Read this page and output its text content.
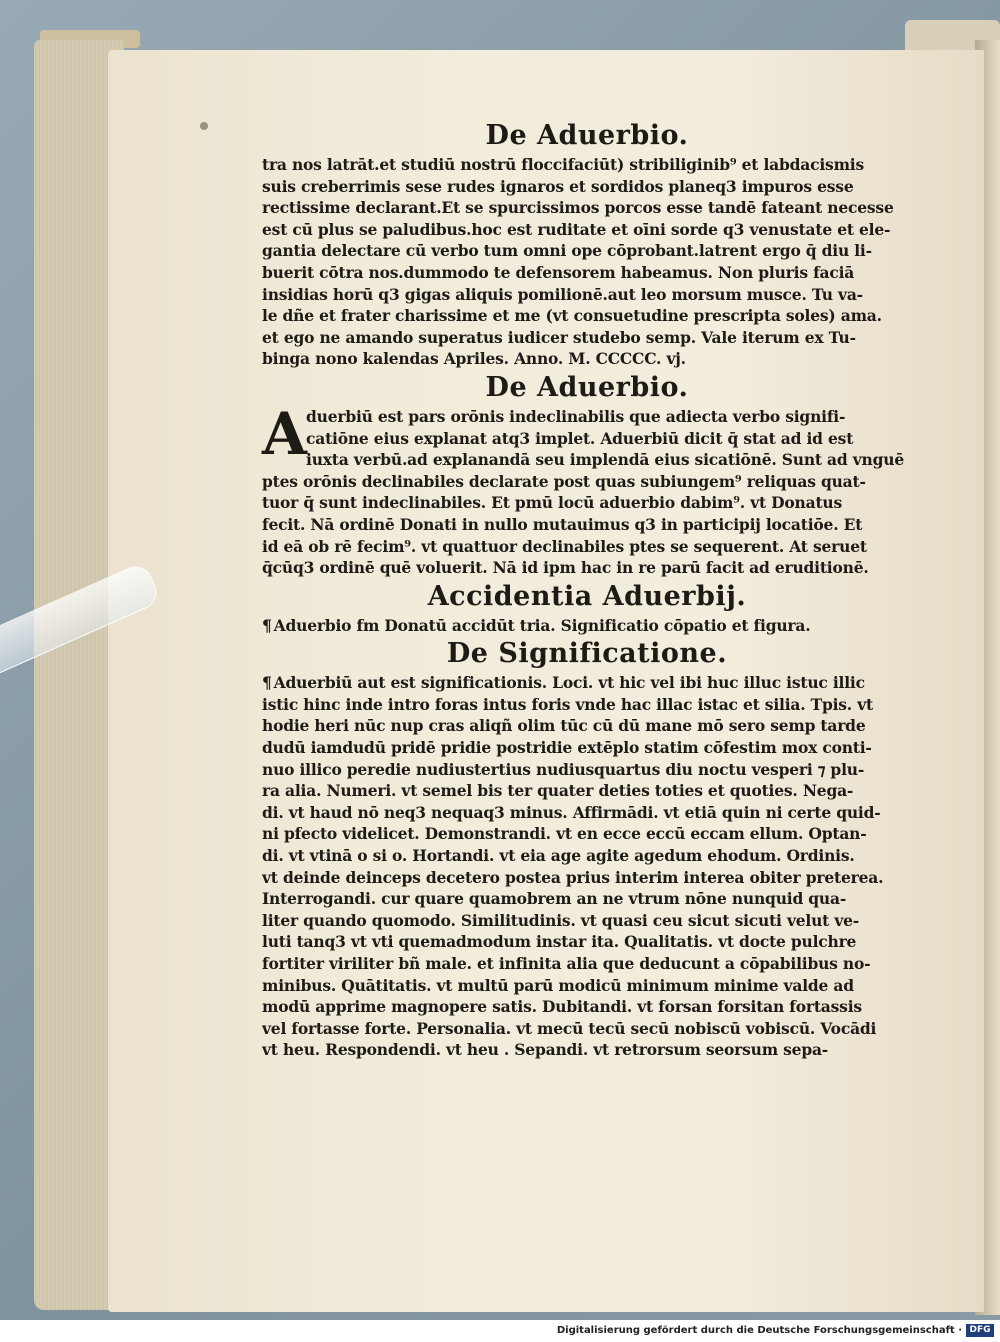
De Aduerbio.
tra nos latrāt.et studiū nostrū floccifaciūt) stribiliginib⁹ et labdacismis
suis creberrimis sese rudes ignaros et sordidos planeq3 impuros esse
rectissime declarant.Et se spurcissimos porcos esse tandē fateant necesse
est cū plus se paludibus.hoc est ruditate et oīni sorde q3 venustate et ele-
gantia delectare cū verbo tum omni ope cōprobant.latrent ergo q̄ diu li-
buerit cōtra nos.dummodo te defensorem habeamus. Non pluris faciā
insidias horū q3 gigas aliquis pomilionē.aut leo morsum musce. Tu va-
le dñe et frater charissime et me (vt consuetudine prescripta soles) ama.
et ego ne amando superatus iudicer studebo semp. Vale iterum ex Tu-
binga nono kalendas Apriles. Anno. M. CCCCC. vj.
De Aduerbio.
A
duerbiū est pars orōnis indeclinabilis que adiecta verbo signifi-
catiōne eius explanat atq3 implet. Aduerbiū dicit q̄ stat ad id est
iuxta verbū.ad explanandā seu implendā eius sicatiōnē. Sunt ad vnguē
ptes orōnis declinabiles declarate post quas subiungem⁹ reliquas quat-
tuor q̄ sunt indeclinabiles. Et pmū locū aduerbio dabim⁹. vt Donatus
fecit. Nā ordinē Donati in nullo mutauimus q3 in participij locatiōe. Et
id eā ob rē fecim⁹. vt quattuor declinabiles ptes se sequerent. At seruet
q̄cūq3 ordinē quē voluerit. Nā id ipm hac in re parū facit ad eruditionē.
Accidentia Aduerbij.
¶ Aduerbio fm Donatū accidūt tria. Significatio cōpatio et figura.
De Significatione.
¶ Aduerbiū aut est significationis. Loci. vt hic vel ibi huc illuc istuc illic
istic hinc inde intro foras intus foris vnde hac illac istac et silia. Tpis. vt
hodie heri nūc nup cras aliqñ olim tūc cū dū mane mō sero semp tarde
dudū iamdudū pridē pridie postridie extēplo statim cōfestim mox conti-
nuo illico peredie nudiustertius nudiusquartus diu noctu vesperi ⁊ plu-
ra alia. Numeri. vt semel bis ter quater deties toties et quoties. Nega-
di. vt haud nō neq3 nequaq3 minus. Affirmādi. vt etiā quin ni certe quid-
ni pfecto videlicet. Demonstrandi. vt en ecce eccū eccam ellum. Optan-
di. vt vtinā o si o. Hortandi. vt eia age agite agedum ehodum. Ordinis.
vt deinde deinceps decetero postea prius interim interea obiter preterea.
Interrogandi. cur quare quamobrem an ne vtrum nōne nunquid qua-
liter quando quomodo. Similitudinis. vt quasi ceu sicut sicuti velut ve-
luti tanq3 vt vti quemadmodum instar ita. Qualitatis. vt docte pulchre
fortiter viriliter bñ male. et infinita alia que deducunt a cōpabilibus no-
minibus. Quātitatis. vt multū parū modicū minimum minime valde ad
modū apprime magnopere satis. Dubitandi. vt forsan forsitan fortassis
vel fortasse forte. Personalia. vt mecū tecū secū nobiscū vobiscū. Vocādi
vt heu. Respondendi. vt heu . Sepandi. vt retrorsum seorsum sepa-
Digitalisierung gefördert durch die Deutsche Forschungsgemeinschaft · DFG
